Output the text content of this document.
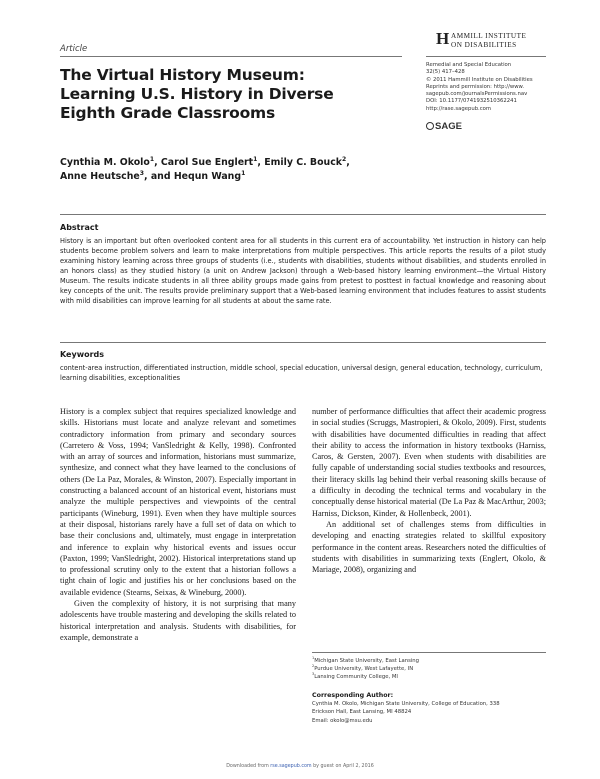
Article
H AMMILL INSTITUTE
ON DISABILITIES
Remedial and Special Education
32(5) 417–428
© 2011 Hammill Institute on Disabilities
Reprints and permission: http://www.
sagepub.com/journalsPermissions.nav
DOI: 10.1177/0741932510362241
http://rase.sagepub.com
SAGE
The Virtual History Museum:
Learning U.S. History in Diverse
Eighth Grade Classrooms
Cynthia M. Okolo$^1$, Carol Sue Englert$^1$, Emily C. Bouck$^2$,
Anne Heutsche$^3$, and Hequn Wang$^1$
Abstract
History is an important but often overlooked content area for all students in this current era of accountability. Yet instruction in history can help students become problem solvers and learn to make interpretations from multiple perspectives. This article reports the results of a pilot study examining history learning across three groups of students (i.e., students with disabilities, students without disabilities, and students enrolled in an honors class) as they studied history (a unit on Andrew Jackson) through a Web-based history learning environment—the Virtual History Museum. The results indicate students in all three ability groups made gains from pretest to posttest in factual knowledge and reasoning about key concepts of the unit. The results provide preliminary support that a Web-based learning environment that includes features to assist students with mild disabilities can improve learning for all students at about the same rate.
Keywords
content-area instruction, differentiated instruction, middle school, special education, universal design, general education, technology, curriculum, learning disabilities, exceptionalities

History is a complex subject that requires specialized knowledge and skills. Historians must locate and analyze relevant and sometimes contradictory information from primary and secondary sources (Carretero & Voss, 1994; VanSledright & Kelly, 1998). Confronted with an array of sources and information, historians must summarize, synthesize, and connect what they have learned to the conclusions of others (De La Paz, Morales, & Winston, 2007). Especially important in constructing a balanced account of an historical event, historians must analyze the multiple perspectives and viewpoints of the central participants (Wineburg, 1991). Even when they have multiple sources at their disposal, historians rarely have a full set of data on which to base their conclusions and, ultimately, must engage in interpretation and inference to explain why historical events and issues occur (Paxton, 1999; VanSledright, 2002). Historical interpretations stand up to professional scrutiny only to the extent that a historian follows a tight chain of logic and justifies his or her conclusions based on the available evidence (Stearns, Seixas, & Wineburg, 2000).

Given the complexity of history, it is not surprising that many adolescents have trouble mastering and developing the skills related to historical interpretation and analysis. Students with disabilities, for example, demonstrate a

number of performance difficulties that affect their academic progress in social studies (Scruggs, Mastropieri, & Okolo, 2009). First, students with disabilities have documented difficulties in reading that affect their ability to access the information in history textbooks (Harniss, Caros, & Gersten, 2007). Even when students with disabilities are fully capable of understanding social studies textbooks and resources, their literacy skills lag behind their verbal reasoning skills because of a difficulty in decoding the technical terms and vocabulary in the conceptually dense historical material (De La Paz & MacArthur, 2003; Harniss, Dickson, Kinder, & Hollenbeck, 2001).

An additional set of challenges stems from difficulties in developing and enacting strategies related to skillful expository performance in the content areas. Researchers noted the difficulties of students with disabilities in summarizing texts (Englert, Okolo, & Mariage, 2008), organizing and

$^1$Michigan State University, East Lansing
$^2$Purdue University, West Lafayette, IN
$^3$Lansing Community College, MI
Corresponding Author:
Cynthia M. Okolo, Michigan State University, College of Education, 338
Erickson Hall, East Lansing, MI 48824
Email: okolo@msu.edu
Downloaded from rse.sagepub.com by guest on April 2, 2016
